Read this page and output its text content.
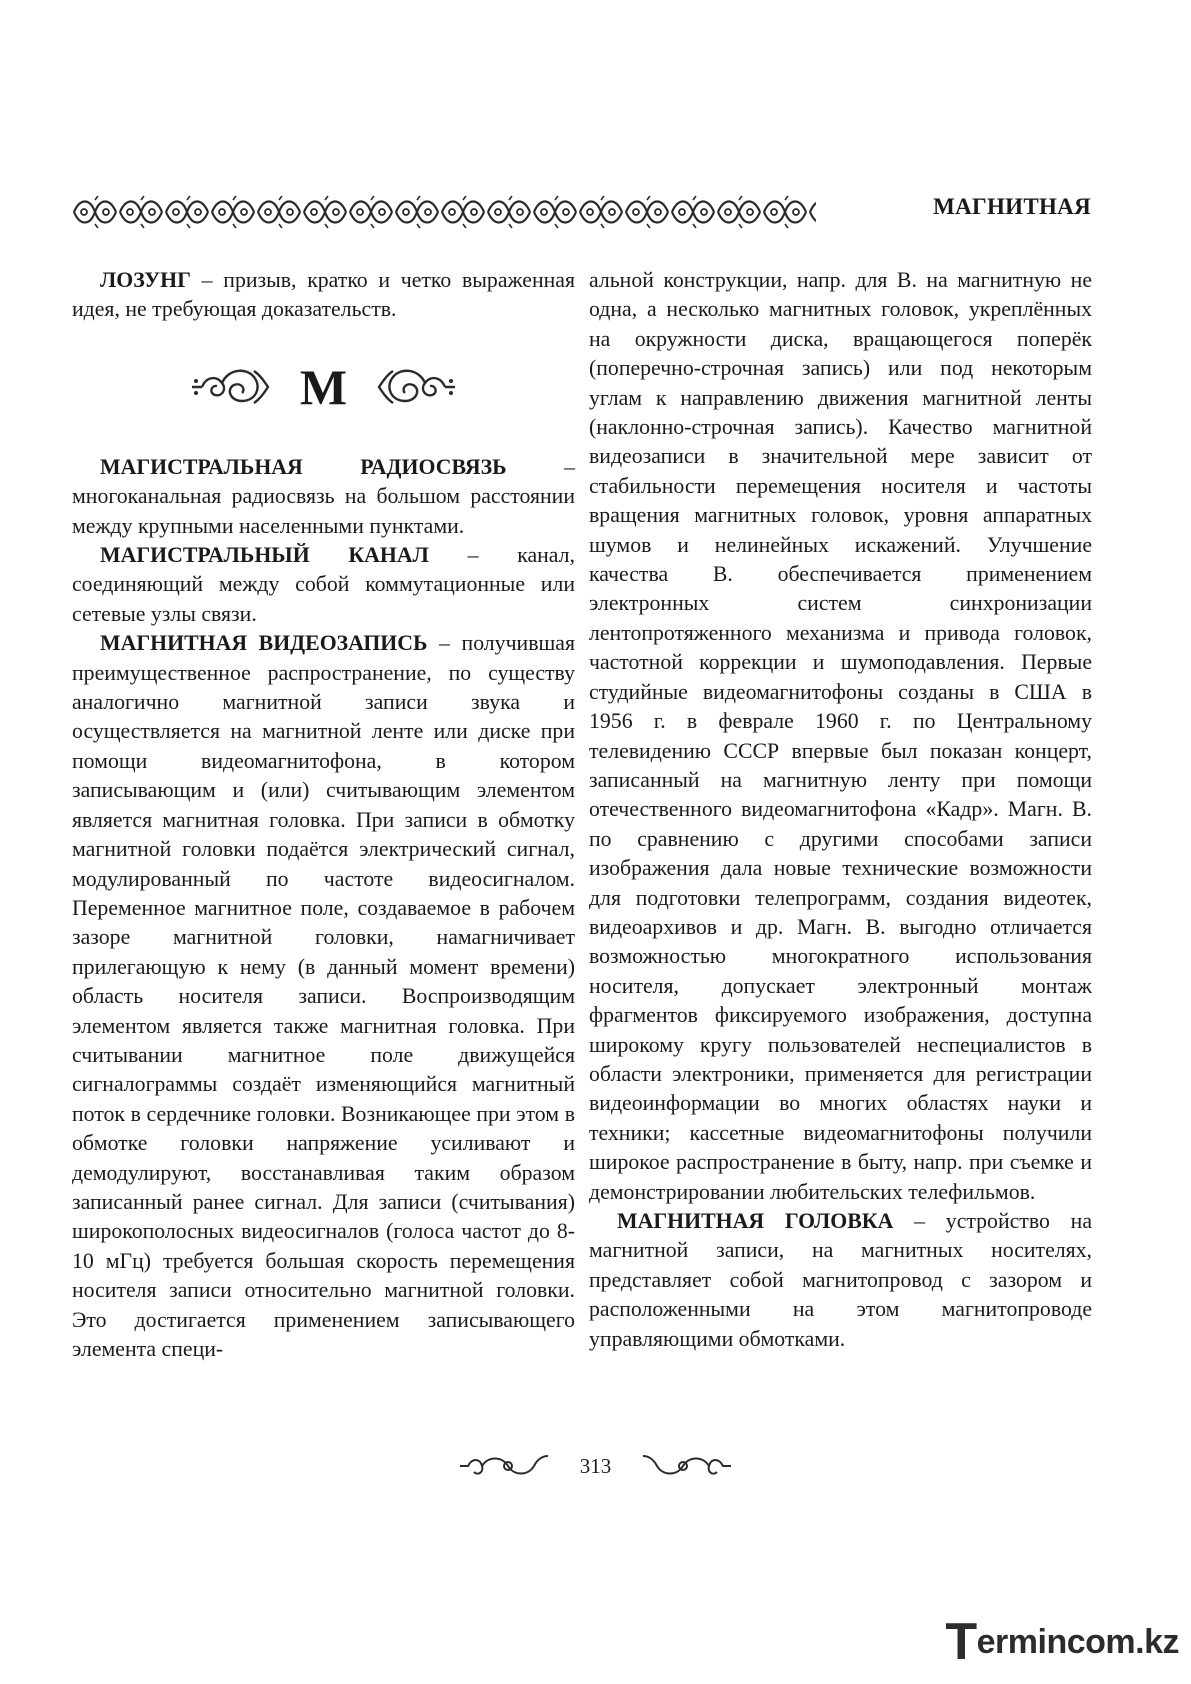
МАГНИТНАЯ

ЛОЗУНГ – призыв, кратко и четко выраженная идея, не требующая доказательств.

М

МАГИСТРАЛЬНАЯ РАДИОСВЯЗЬ – многоканальная радиосвязь на большом расстоянии между крупными населенными пунктами.

МАГИСТРАЛЬНЫЙ КАНАЛ – канал, соединяющий между собой коммутационные или сетевые узлы связи.

МАГНИТНАЯ ВИДЕОЗАПИСЬ – получившая преимущественное распространение, по существу аналогично магнитной записи звука и осуществляется на магнитной ленте или диске при помощи видеомагнитофона, в котором записывающим и (или) считывающим элементом является магнитная головка. При записи в обмотку магнитной головки подаётся электрический сигнал, модулированный по частоте видеосигналом. Переменное магнитное поле, создаваемое в рабочем зазоре магнитной головки, намагничивает прилегающую к нему (в данный момент времени) область носителя записи. Воспроизводящим элементом является также магнитная головка. При считывании магнитное поле движущейся сигналограммы создаёт изменяющийся магнитный поток в сердечнике головки. Возникающее при этом в обмотке головки напряжение усиливают и демодулируют, восстанавливая таким образом записанный ранее сигнал. Для записи (считывания) широкополосных видеосигналов (голоса частот до 8-10 мГц) требуется большая скорость перемещения носителя записи относительно магнитной головки. Это достигается применением записывающего элемента специ-

альной конструкции, напр. для В. на магнитную не одна, а несколько магнитных головок, укреплённых на окружности диска, вращающегося поперёк (поперечно-строчная запись) или под некоторым углам к направлению движения магнитной ленты (наклонно-строчная запись). Качество магнитной видеозаписи в значительной мере зависит от стабильности перемещения носителя и частоты вращения магнитных головок, уровня аппаратных шумов и нелинейных искажений. Улучшение качества В. обеспечивается применением электронных систем синхронизации лентопротяженного механизма и привода головок, частотной коррекции и шумоподавления. Первые студийные видеомагнитофоны созданы в США в 1956 г. в феврале 1960 г. по Центральному телевидению СССР впервые был показан концерт, записанный на магнитную ленту при помощи отечественного видеомагнитофона «Кадр». Магн. В. по сравнению с другими способами записи изображения дала новые технические возможности для подготовки телепрограмм, создания видеотек, видеоархивов и др. Магн. В. выгодно отличается возможностью многократного использования носителя, допускает электронный монтаж фрагментов фиксируемого изображения, доступна широкому кругу пользователей неспециалистов в области электроники, применяется для регистрации видеоинформации во многих областях науки и техники; кассетные видеомагнитофоны получили широкое распространение в быту, напр. при съемке и демонстрировании любительских телефильмов.

МАГНИТНАЯ ГОЛОВКА – устройство на магнитной записи, на магнитных носителях, представляет собой магнитопровод с зазором и расположенными на этом магнитопроводе управляющими обмотками.

313
Termincom.kz
